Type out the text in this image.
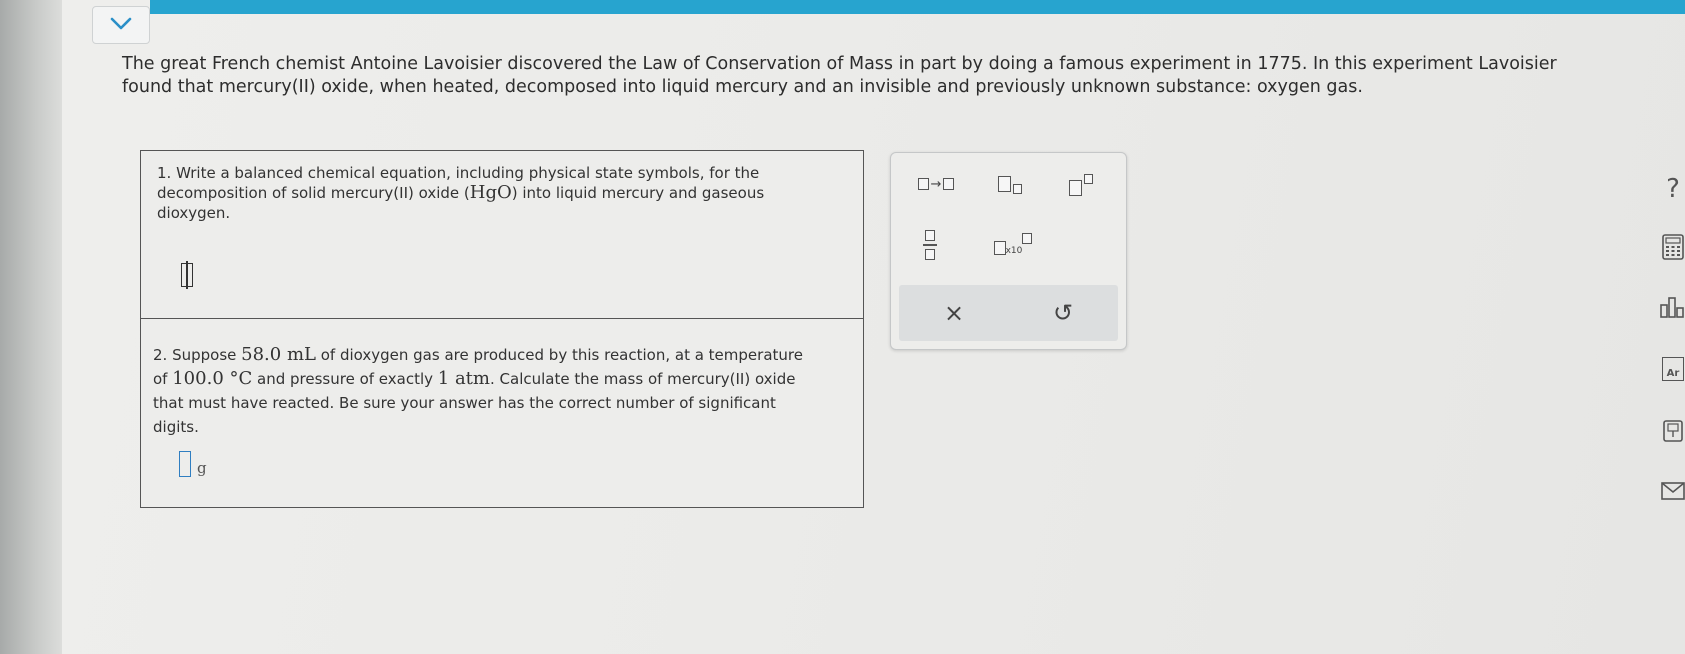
The great French chemist Antoine Lavoisier discovered the Law of Conservation of Mass in part by doing a famous experiment in 1775. In this experiment Lavoisier found that mercury(II) oxide, when heated, decomposed into liquid mercury and an invisible and previously unknown substance: oxygen gas.
1. Write a balanced chemical equation, including physical state symbols, for the decomposition of solid mercury(II) oxide (HgO) into liquid mercury and gaseous dioxygen.
2. Suppose 58.0 mL of dioxygen gas are produced by this reaction, at a temperature of 100.0 °C and pressure of exactly 1 atm. Calculate the mass of mercury(II) oxide that must have reacted. Be sure your answer has the correct number of significant digits.
g
→
x10
×	↺
?
Ar
